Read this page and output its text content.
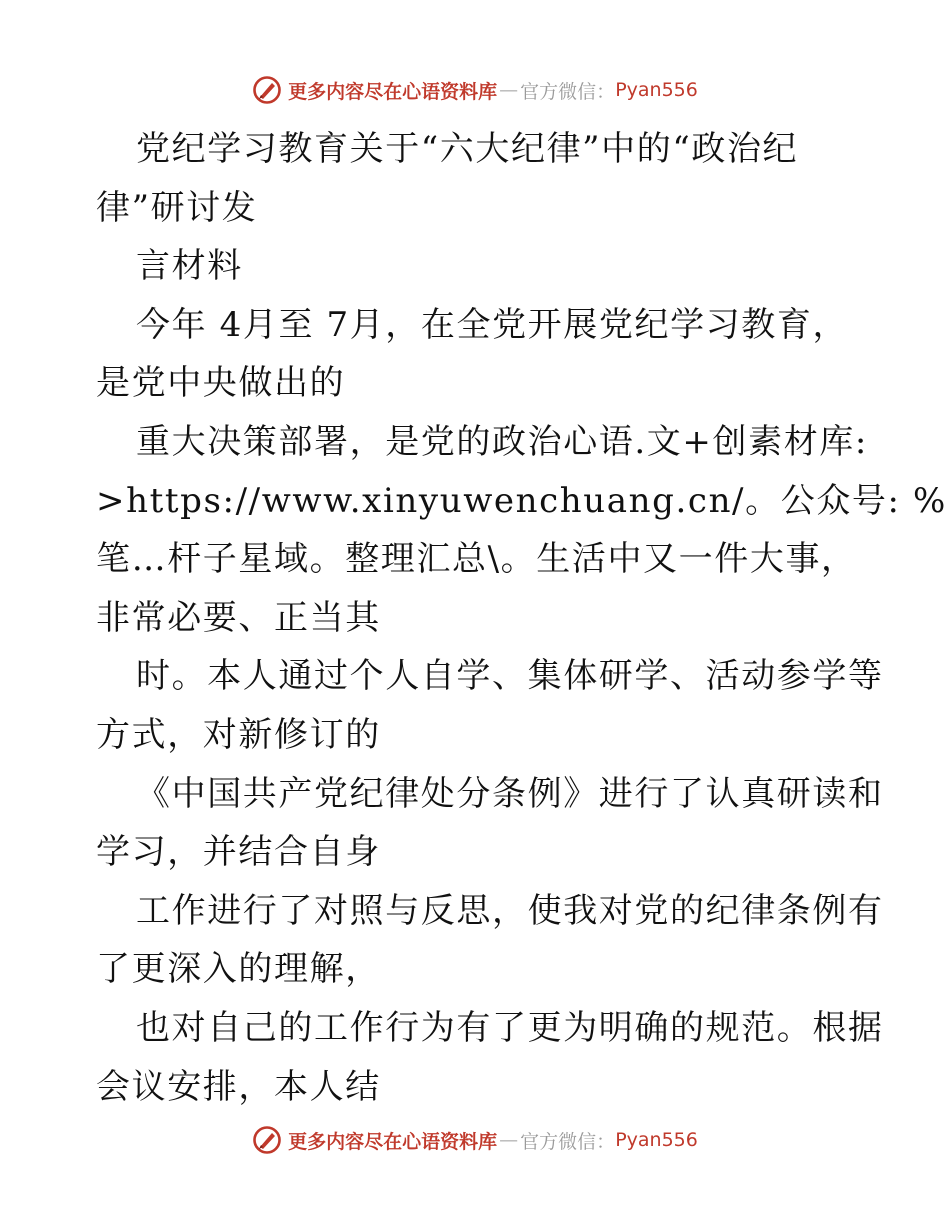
更多内容尽在心语资料库 — 官方微信： Pyan556
党纪学习教育关于“六大纪律”中的“政治纪
律”研讨发
言材料
今年 4月至 7月，在全党开展党纪学习教育，
是党中央做出的
重大决策部署，是党的政治心语.文+创素材库:
>https://www.xinyuwenchuang.cn/。公众号: %
笔…杆子星域。整理汇总\。生活中又一件大事，
非常必要、正当其
时。本人通过个人自学、集体研学、活动参学等
方式，对新修订的
《中国共产党纪律处分条例》进行了认真研读和
学习，并结合自身
工作进行了对照与反思，使我对党的纪律条例有
了更深入的理解，
也对自己的工作行为有了更为明确的规范。根据
会议安排，本人结
更多内容尽在心语资料库 — 官方微信： Pyan556
